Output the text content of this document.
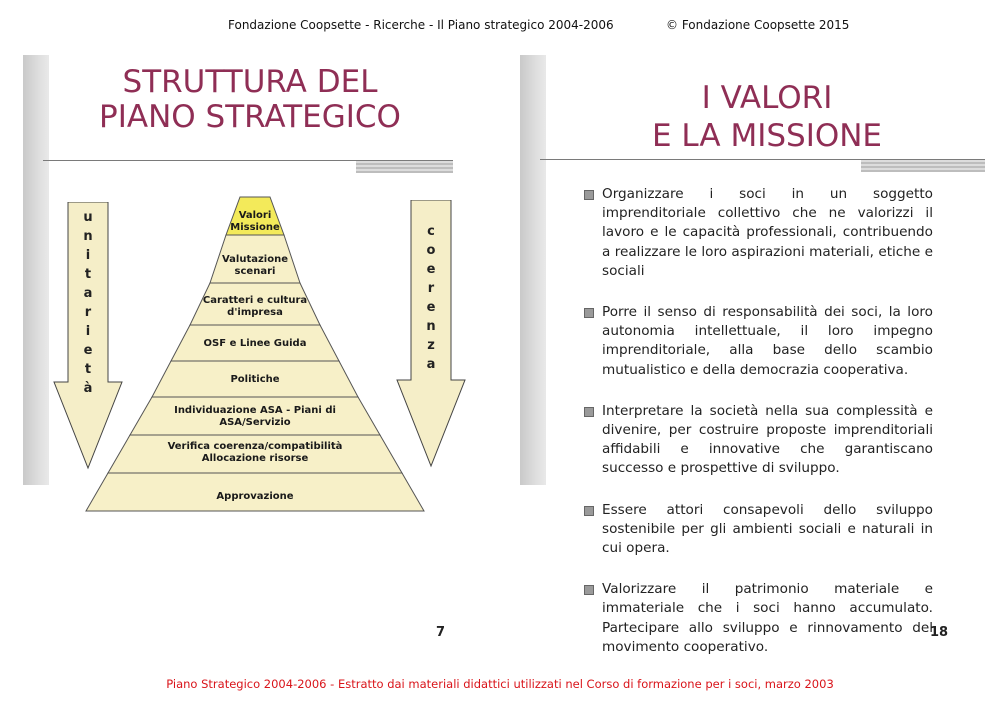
Fondazione Coopsette - Ricerche - Il Piano strategico 2004-2006	© Fondazione Coopsette 2015
STRUTTURA DEL
PIANO STRATEGICO
u
n
i
t
a
r
i
e
t
à
c
o
e
r
e
n
z
a
Valori
Missione
Valutazione
scenari
Caratteri e cultura
d'impresa
OSF e Linee Guida
Politiche
Individuazione ASA - Piani di
ASA/Servizio
Verifica coerenza/compatibilità
Allocazione risorse
Approvazione
7
I VALORI
E LA MISSIONE
Organizzare i soci in un soggetto imprenditoriale collettivo che ne valorizzi il lavoro e le capacità professionali, contribuendo a realizzare le loro aspirazioni materiali, etiche e sociali
Porre il senso di responsabilità dei soci, la loro autonomia intellettuale, il loro impegno imprenditoriale, alla base dello scambio mutualistico e della democrazia cooperativa.
Interpretare la società nella sua complessità e divenire, per costruire proposte imprenditoriali affidabili e innovative che garantiscano successo e prospettive di sviluppo.
Essere attori consapevoli dello sviluppo sostenibile per gli ambienti sociali e naturali in cui opera.
Valorizzare il patrimonio materiale e immateriale che i soci hanno accumulato. Partecipare allo sviluppo e rinnovamento del movimento cooperativo.
18
Piano Strategico 2004-2006 - Estratto dai materiali didattici utilizzati nel Corso di formazione per i soci, marzo 2003
